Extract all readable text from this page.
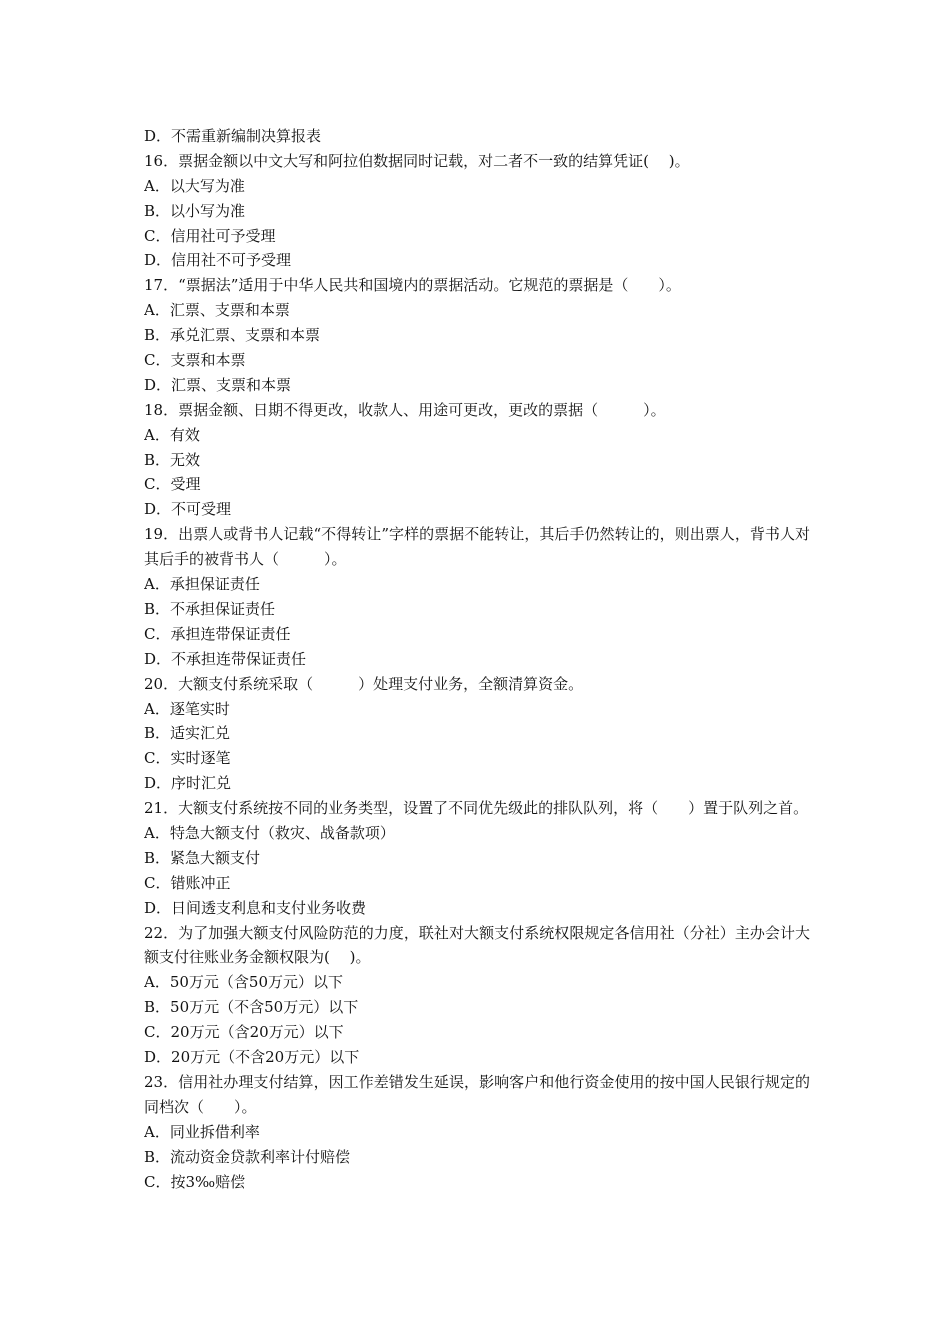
D．不需重新编制决算报表
16．票据金额以中文大写和阿拉伯数据同时记载，对二者不一致的结算凭证(　 )。
A．以大写为准
B．以小写为准
C．信用社可予受理
D．信用社不可予受理
17．“票据法”适用于中华人民共和国境内的票据活动。它规范的票据是（　　）。
A．汇票、支票和本票
B．承兑汇票、支票和本票
C．支票和本票
D．汇票、支票和本票
18．票据金额、日期不得更改，收款人、用途可更改，更改的票据（　　　）。
A．有效
B．无效
C．受理
D．不可受理
19．出票人或背书人记载“不得转让”字样的票据不能转让，其后手仍然转让的，则出票人，背书人对其后手的被背书人（　　　）。
A．承担保证责任
B．不承担保证责任
C．承担连带保证责任
D．不承担连带保证责任
20．大额支付系统采取（　　　）处理支付业务，全额清算资金。
A．逐笔实时
B．适实汇兑
C．实时逐笔
D．序时汇兑
21．大额支付系统按不同的业务类型，设置了不同优先级此的排队队列，将（　　）置于队列之首。
A．特急大额支付（救灾、战备款项）
B．紧急大额支付
C．错账冲正
D．日间透支利息和支付业务收费
22．为了加强大额支付风险防范的力度，联社对大额支付系统权限规定各信用社（分社）主办会计大额支付往账业务金额权限为(　 )。
A．50万元（含50万元）以下
B．50万元（不含50万元）以下
C．20万元（含20万元）以下
D．20万元（不含20万元）以下
23．信用社办理支付结算，因工作差错发生延误，影响客户和他行资金使用的按中国人民银行规定的同档次（　　）。
A．同业拆借利率
B．流动资金贷款利率计付赔偿
C．按3‰赔偿
